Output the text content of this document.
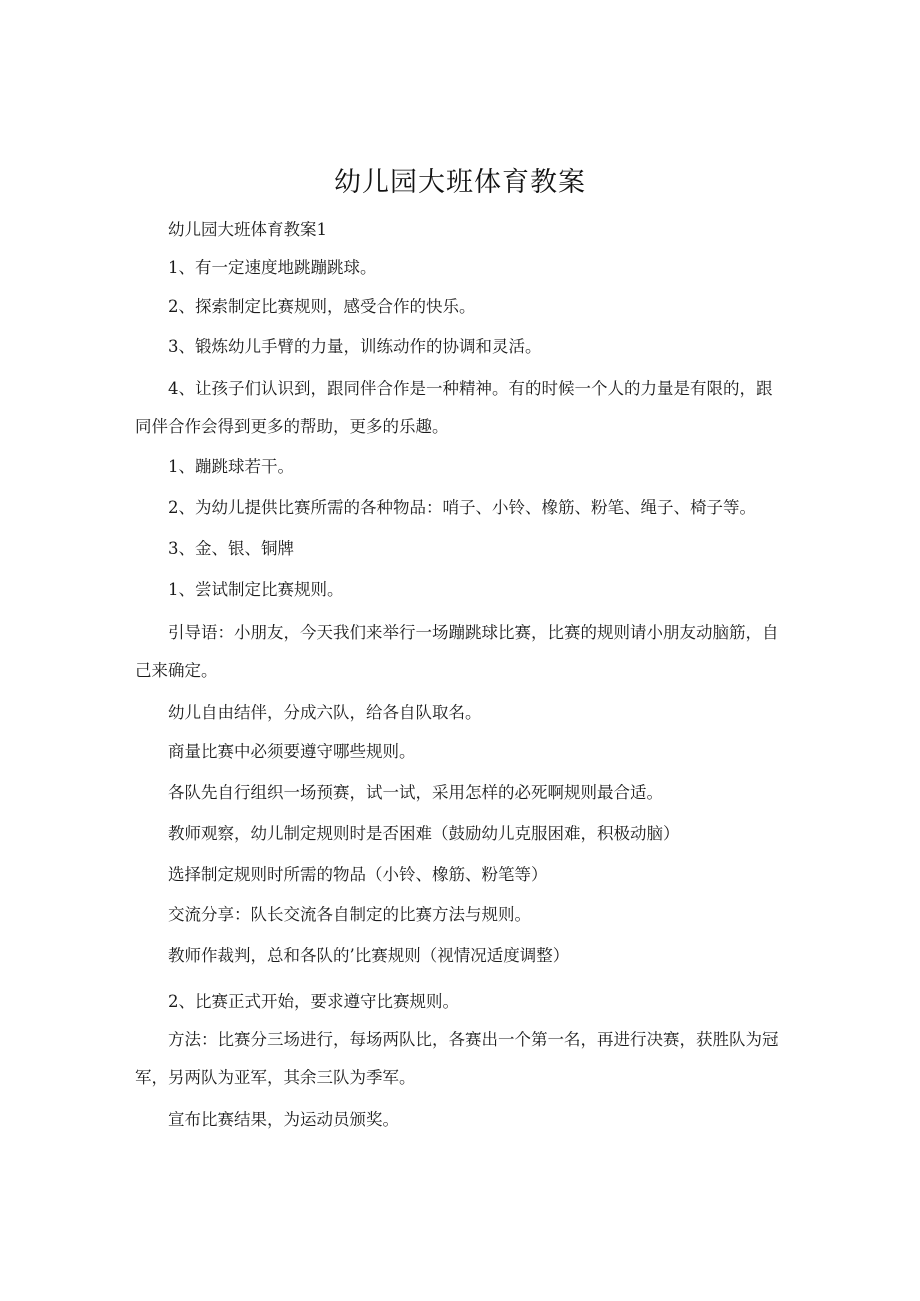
幼儿园大班体育教案
幼儿园大班体育教案1
1、有一定速度地跳蹦跳球。
2、探索制定比赛规则，感受合作的快乐。
3、锻炼幼儿手臂的力量，训练动作的协调和灵活。
4、让孩子们认识到，跟同伴合作是一种精神。有的时候一个人的力量是有限的，跟同伴合作会得到更多的帮助，更多的乐趣。
1、蹦跳球若干。
2、为幼儿提供比赛所需的各种物品：哨子、小铃、橡筋、粉笔、绳子、椅子等。
3、金、银、铜牌
1、尝试制定比赛规则。
引导语：小朋友，今天我们来举行一场蹦跳球比赛，比赛的规则请小朋友动脑筋，自己来确定。
幼儿自由结伴，分成六队，给各自队取名。
商量比赛中必须要遵守哪些规则。
各队先自行组织一场预赛，试一试，采用怎样的必死啊规则最合适。
教师观察，幼儿制定规则时是否困难（鼓励幼儿克服困难，积极动脑）
选择制定规则时所需的物品（小铃、橡筋、粉笔等）
交流分享：队长交流各自制定的比赛方法与规则。
教师作裁判，总和各队的’比赛规则（视情况适度调整）
2、比赛正式开始，要求遵守比赛规则。
方法：比赛分三场进行，每场两队比，各赛出一个第一名，再进行决赛，获胜队为冠军，另两队为亚军，其余三队为季军。
宣布比赛结果，为运动员颁奖。
